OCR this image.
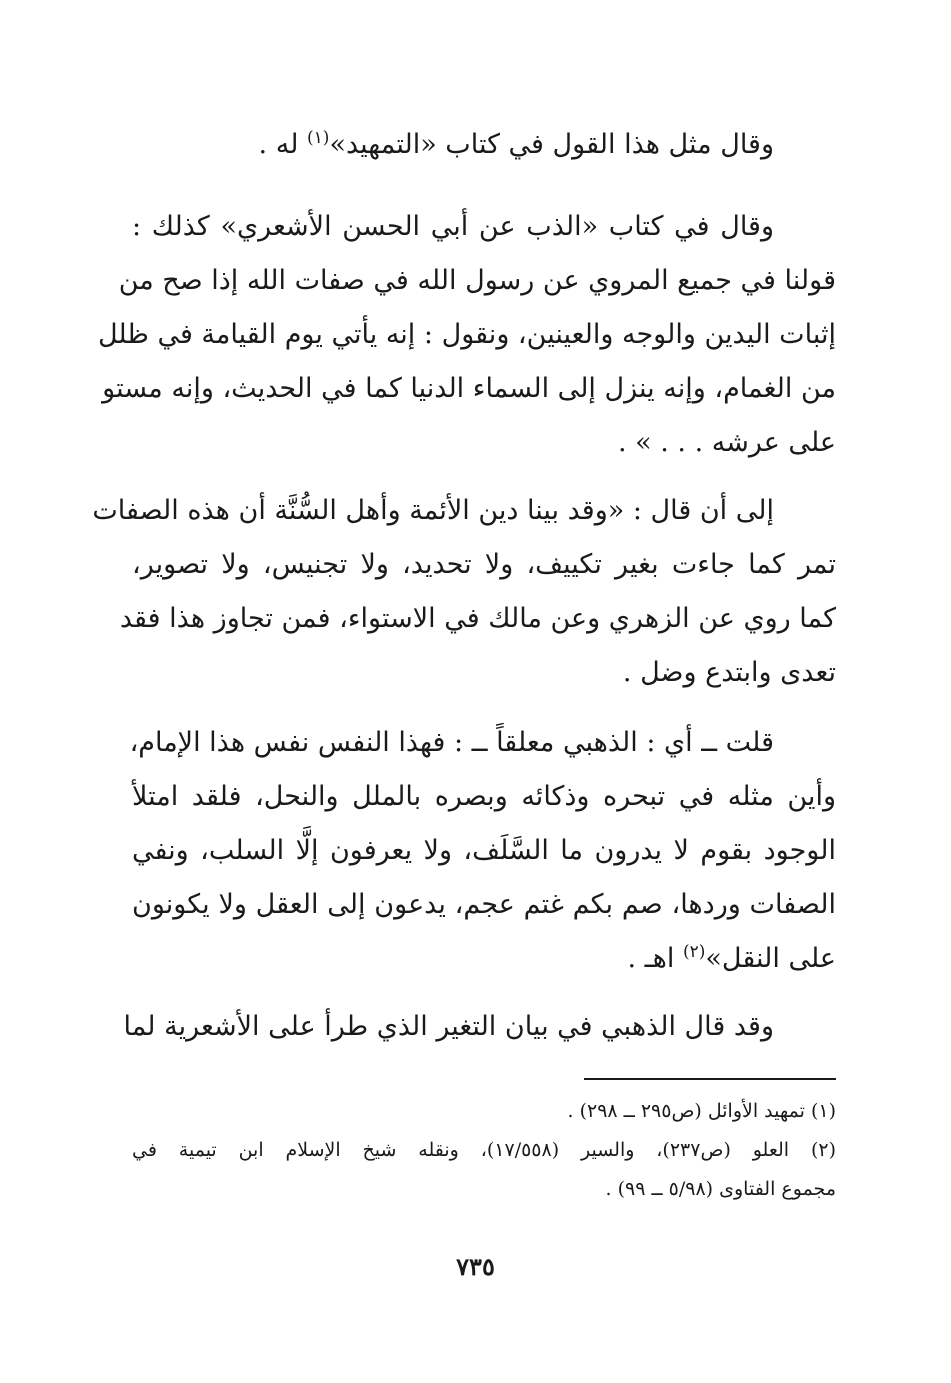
وقال مثل هذا القول في كتاب «التمهيد»$^{(١)}$ له .

وقال في كتاب «الذب عن أبي الحسن الأشعري» كذلك :
قولنا في جميع المروي عن رسول الله في صفات الله إذا صح من
إثبات اليدين والوجه والعينين، ونقول : إنه يأتي يوم القيامة في ظلل
من الغمام، وإنه ينزل إلى السماء الدنيا كما في الحديث، وإنه مستو
على عرشه . . . » .
إلى أن قال : «وقد بينا دين الأئمة وأهل السُّنَّة أن هذه الصفات
تمر كما جاءت بغير تكييف، ولا تحديد، ولا تجنيس، ولا تصوير،
كما روي عن الزهري وعن مالك في الاستواء، فمن تجاوز هذا فقد
تعدى وابتدع وضل .
قلت ــ أي : الذهبي معلقاً ــ : فهذا النفس نفس هذا الإمام،
وأين مثله في تبحره وذكائه وبصره بالملل والنحل، فلقد امتلأ
الوجود بقوم لا يدرون ما السَّلَف، ولا يعرفون إلَّا السلب، ونفي
الصفات وردها، صم بكم غتم عجم، يدعون إلى العقل ولا يكونون
على النقل»$^{(٢)}$ اهـ .
وقد قال الذهبي في بيان التغير الذي طرأ على الأشعرية لما

(١) تمهيد الأوائل (ص٢٩٥ ــ ٢٩٨) .

(٢) العلو (ص٢٣٧)، والسير (١٧/٥٥٨)، ونقله شيخ الإسلام ابن تيمية في
مجموع الفتاوى (٥/٩٨ ــ ٩٩) .

٧٣٥
